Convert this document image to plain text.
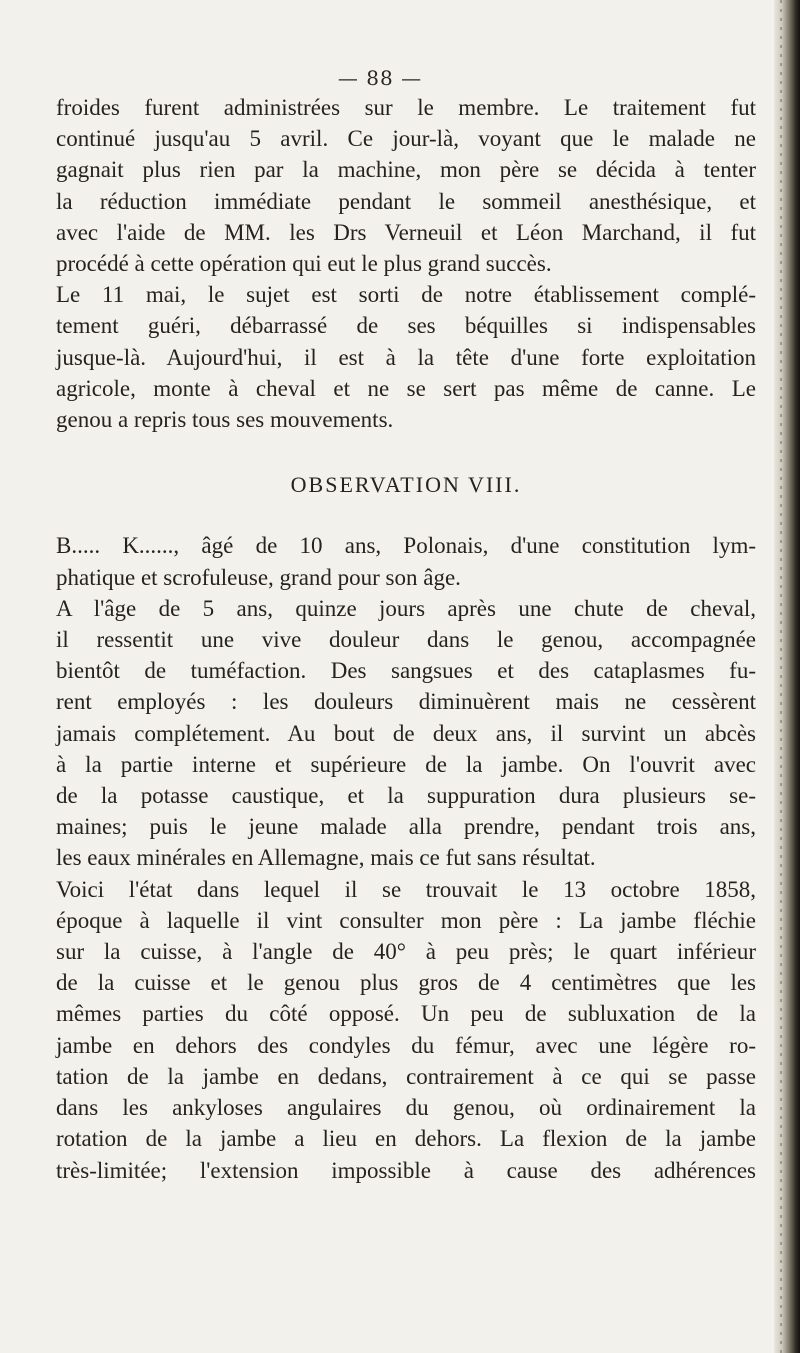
— 88 —

froides furent administrées sur le membre. Le traitement fut
continué jusqu'au 5 avril. Ce jour-là, voyant que le malade ne
gagnait plus rien par la machine, mon père se décida à tenter
la réduction immédiate pendant le sommeil anesthésique, et
avec l'aide de MM. les Drs Verneuil et Léon Marchand, il fut
procédé à cette opération qui eut le plus grand succès.

Le 11 mai, le sujet est sorti de notre établissement complé-
tement guéri, débarrassé de ses béquilles si indispensables
jusque-là. Aujourd'hui, il est à la tête d'une forte exploitation
agricole, monte à cheval et ne se sert pas même de canne. Le
genou a repris tous ses mouvements.

OBSERVATION VIII.

B..... K......, âgé de 10 ans, Polonais, d'une constitution lym-
phatique et scrofuleuse, grand pour son âge.

A l'âge de 5 ans, quinze jours après une chute de cheval,
il ressentit une vive douleur dans le genou, accompagnée
bientôt de tuméfaction. Des sangsues et des cataplasmes fu-
rent employés : les douleurs diminuèrent mais ne cessèrent
jamais complétement. Au bout de deux ans, il survint un abcès
à la partie interne et supérieure de la jambe. On l'ouvrit avec
de la potasse caustique, et la suppuration dura plusieurs se-
maines; puis le jeune malade alla prendre, pendant trois ans,
les eaux minérales en Allemagne, mais ce fut sans résultat.

Voici l'état dans lequel il se trouvait le 13 octobre 1858,
époque à laquelle il vint consulter mon père : La jambe fléchie
sur la cuisse, à l'angle de 40° à peu près; le quart inférieur
de la cuisse et le genou plus gros de 4 centimètres que les
mêmes parties du côté opposé. Un peu de subluxation de la
jambe en dehors des condyles du fémur, avec une légère ro-
tation de la jambe en dedans, contrairement à ce qui se passe
dans les ankyloses angulaires du genou, où ordinairement la
rotation de la jambe a lieu en dehors. La flexion de la jambe
très-limitée; l'extension impossible à cause des adhérences
